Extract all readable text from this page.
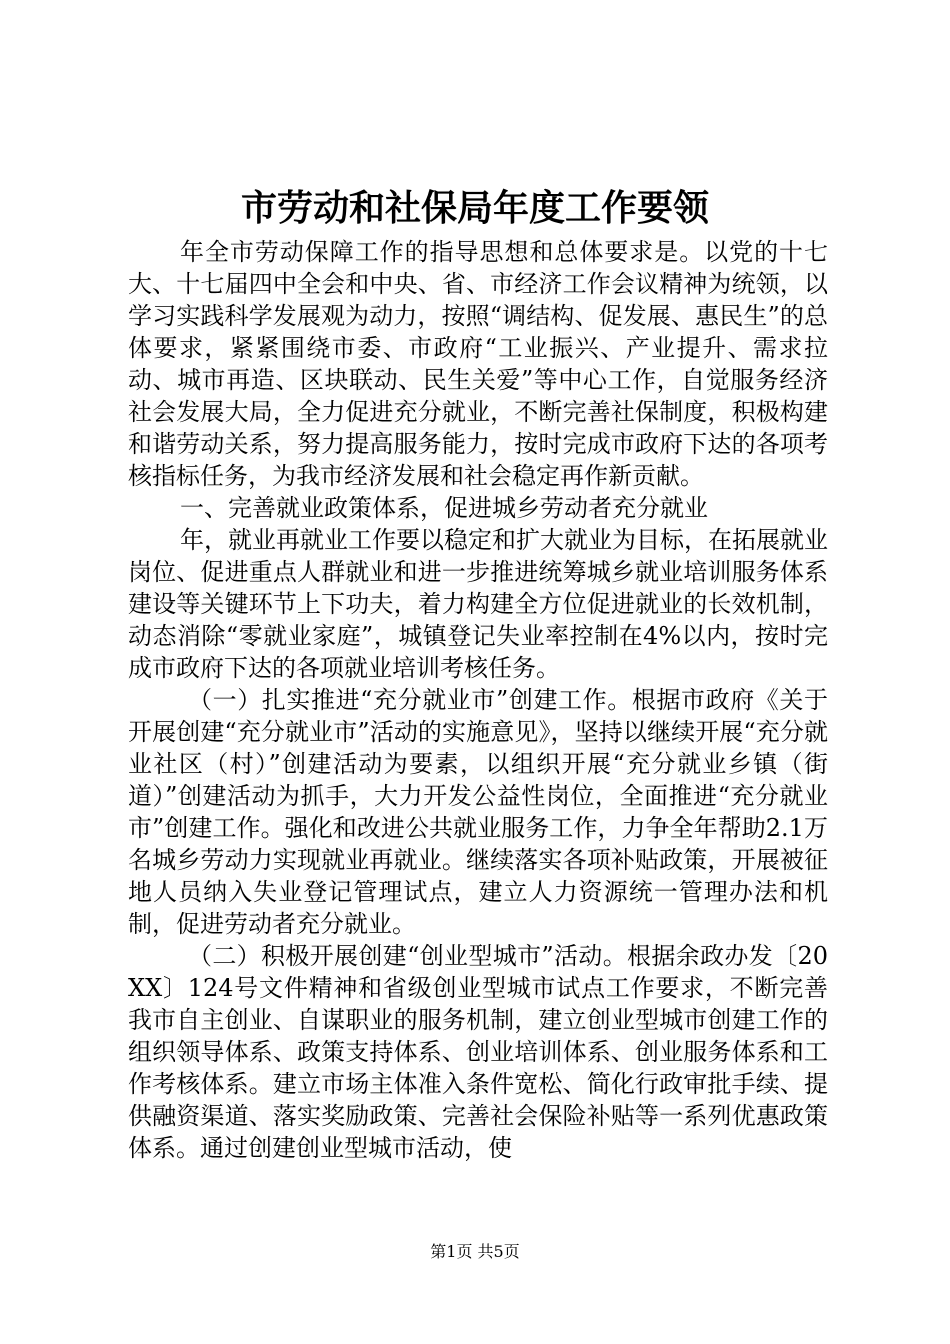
市劳动和社保局年度工作要领

年全市劳动保障工作的指导思想和总体要求是。以党的十七大、十七届四中全会和中央、省、市经济工作会议精神为统领，以学习实践科学发展观为动力，按照“调结构、促发展、惠民生”的总体要求，紧紧围绕市委、市政府“工业振兴、产业提升、需求拉动、城市再造、区块联动、民生关爱”等中心工作，自觉服务经济社会发展大局，全力促进充分就业，不断完善社保制度，积极构建和谐劳动关系，努力提高服务能力，按时完成市政府下达的各项考核指标任务，为我市经济发展和社会稳定再作新贡献。

一、完善就业政策体系，促进城乡劳动者充分就业

年，就业再就业工作要以稳定和扩大就业为目标，在拓展就业岗位、促进重点人群就业和进一步推进统筹城乡就业培训服务体系建设等关键环节上下功夫，着力构建全方位促进就业的长效机制，动态消除“零就业家庭”，城镇登记失业率控制在4%以内，按时完成市政府下达的各项就业培训考核任务。

（一）扎实推进“充分就业市”创建工作。根据市政府《关于开展创建“充分就业市”活动的实施意见》，坚持以继续开展“充分就业社区（村）”创建活动为要素，以组织开展“充分就业乡镇（街道）”创建活动为抓手，大力开发公益性岗位，全面推进“充分就业市”创建工作。强化和改进公共就业服务工作，力争全年帮助2.1万名城乡劳动力实现就业再就业。继续落实各项补贴政策，开展被征地人员纳入失业登记管理试点，建立人力资源统一管理办法和机制，促进劳动者充分就业。

（二）积极开展创建“创业型城市”活动。根据余政办发〔20XX〕124号文件精神和省级创业型城市试点工作要求，不断完善我市自主创业、自谋职业的服务机制，建立创业型城市创建工作的组织领导体系、政策支持体系、创业培训体系、创业服务体系和工作考核体系。建立市场主体准入条件宽松、简化行政审批手续、提供融资渠道、落实奖励政策、完善社会保险补贴等一系列优惠政策体系。通过创建创业型城市活动，使

第1页 共5页
